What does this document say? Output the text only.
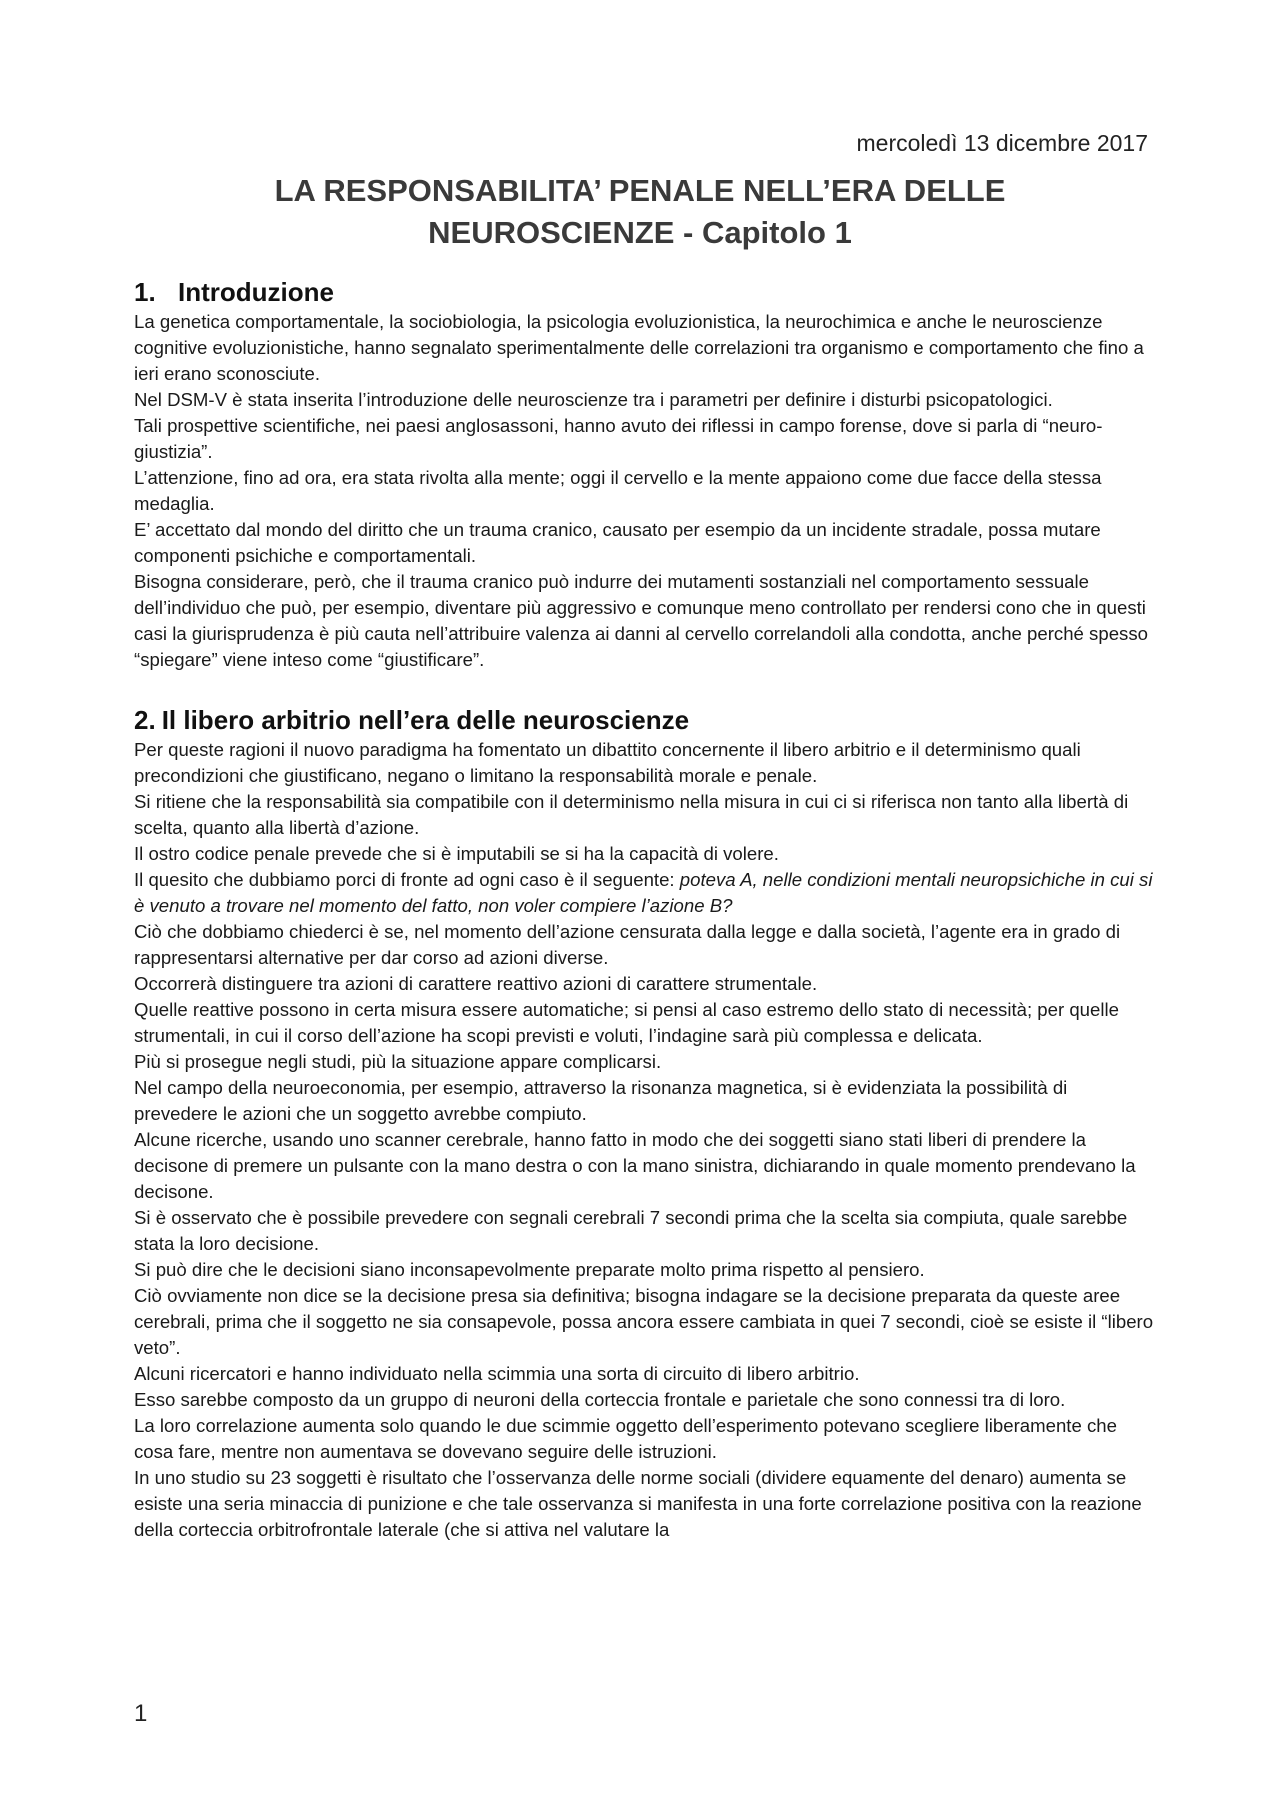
mercoledì 13 dicembre 2017
LA RESPONSABILITA’ PENALE NELL’ERA DELLE
NEUROSCIENZE - Capitolo 1
1. Introduzione

La genetica comportamentale, la sociobiologia, la psicologia evoluzionistica, la neurochimica e anche le neuroscienze cognitive evoluzionistiche, hanno segnalato sperimentalmente delle correlazioni tra organismo e comportamento che fino a ieri erano sconosciute.

Nel DSM-V è stata inserita l’introduzione delle neuroscienze tra i parametri per definire i disturbi psicopatologici.

Tali prospettive scientifiche, nei paesi anglosassoni, hanno avuto dei riflessi in campo forense, dove si parla di “neuro-giustizia”.

L’attenzione, fino ad ora, era stata rivolta alla mente; oggi il cervello e la mente appaiono come due facce della stessa medaglia.

E’ accettato dal mondo del diritto che un trauma cranico, causato per esempio da un incidente stradale, possa mutare componenti psichiche e comportamentali.

Bisogna considerare, però, che il trauma cranico può indurre dei mutamenti sostanziali nel comportamento sessuale dell’individuo che può, per esempio, diventare più aggressivo e comunque meno controllato per rendersi cono che in questi casi la giurisprudenza è più cauta nell’attribuire valenza ai danni al cervello correlandoli alla condotta, anche perché spesso “spiegare” viene inteso come “giustificare”.

2. Il libero arbitrio nell’era delle neuroscienze

Per queste ragioni il nuovo paradigma ha fomentato un dibattito concernente il libero arbitrio e il determinismo quali precondizioni che giustificano, negano o limitano la responsabilità morale e penale.

Si ritiene che la responsabilità sia compatibile con il determinismo nella misura in cui ci si riferisca non tanto alla libertà di scelta, quanto alla libertà d’azione.

Il ostro codice penale prevede che si è imputabili se si ha la capacità di volere.

Il quesito che dubbiamo porci di fronte ad ogni caso è il seguente: poteva A, nelle condizioni mentali neuropsichiche in cui si è venuto a trovare nel momento del fatto, non voler compiere l’azione B?

Ciò che dobbiamo chiederci è se, nel momento dell’azione censurata dalla legge e dalla società, l’agente era in grado di rappresentarsi alternative per dar corso ad azioni diverse.

Occorrerà distinguere tra azioni di carattere reattivo azioni di carattere strumentale.

Quelle reattive possono in certa misura essere automatiche; si pensi al caso estremo dello stato di necessità; per quelle strumentali, in cui il corso dell’azione ha scopi previsti e voluti, l’indagine sarà più complessa e delicata.

Più si prosegue negli studi, più la situazione appare complicarsi.

Nel campo della neuroeconomia, per esempio, attraverso la risonanza magnetica, si è evidenziata la possibilità di prevedere le azioni che un soggetto avrebbe compiuto.

Alcune ricerche, usando uno scanner cerebrale, hanno fatto in modo che dei soggetti siano stati liberi di prendere la decisone di premere un pulsante con la mano destra o con la mano sinistra, dichiarando in quale momento prendevano la decisone.

Si è osservato che è possibile prevedere con segnali cerebrali 7 secondi prima che la scelta sia compiuta, quale sarebbe stata la loro decisione.

Si può dire che le decisioni siano inconsapevolmente preparate molto prima rispetto al pensiero.

Ciò ovviamente non dice se la decisione presa sia definitiva; bisogna indagare se la decisione preparata da queste aree cerebrali, prima che il soggetto ne sia consapevole, possa ancora essere cambiata in quei 7 secondi, cioè se esiste il “libero veto”.

Alcuni ricercatori e hanno individuato nella scimmia una sorta di circuito di libero arbitrio.

Esso sarebbe composto da un gruppo di neuroni della corteccia frontale e parietale che sono connessi tra di loro.

La loro correlazione aumenta solo quando le due scimmie oggetto dell’esperimento potevano scegliere liberamente che cosa fare, mentre non aumentava se dovevano seguire delle istruzioni.

In uno studio su 23 soggetti è risultato che l’osservanza delle norme sociali (dividere equamente del denaro) aumenta se esiste una seria minaccia di punizione e che tale osservanza si manifesta in una forte correlazione positiva con la reazione della corteccia orbitrofrontale laterale (che si attiva nel valutare la

1
